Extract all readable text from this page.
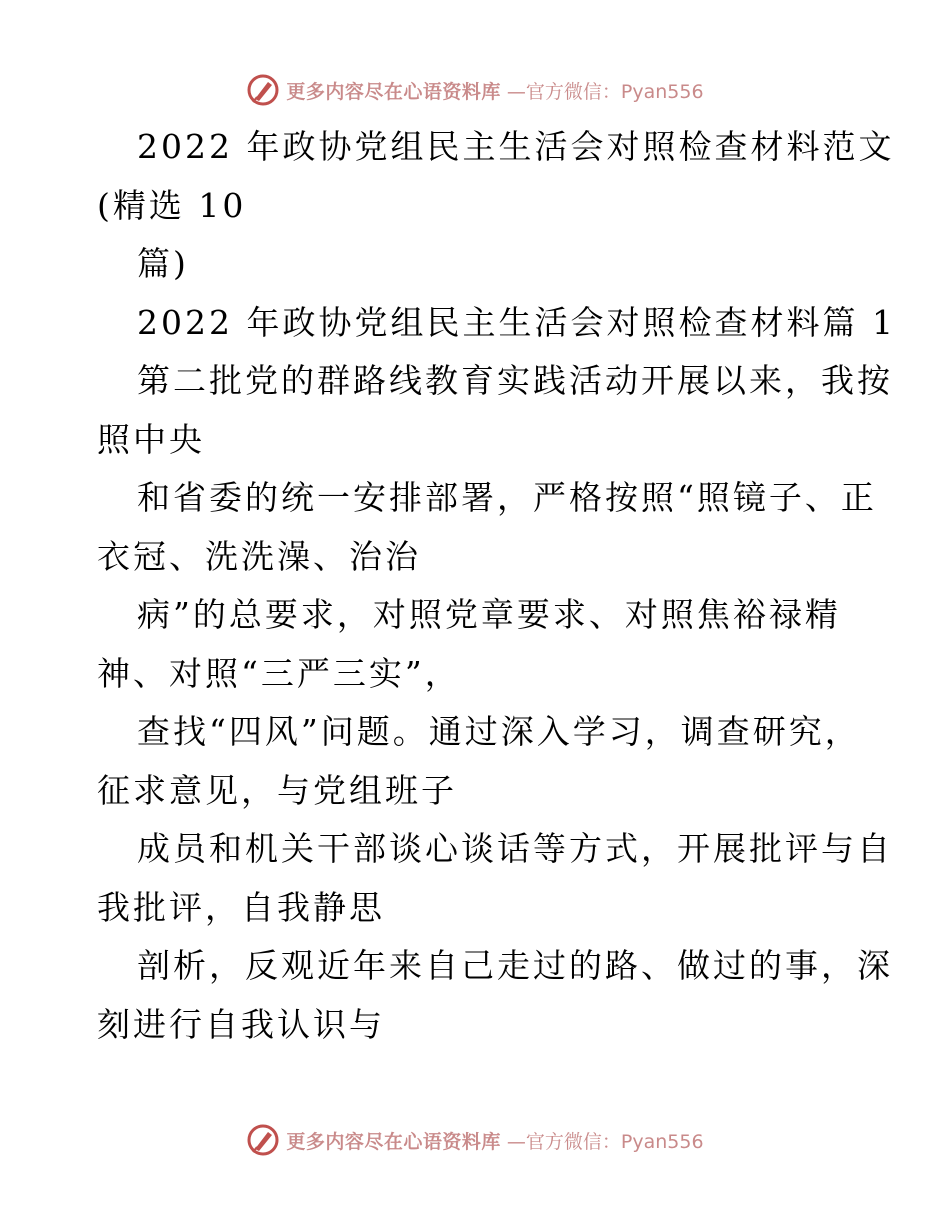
更多内容尽在心语资料库 —官方微信：Pyan556
2022 年政协党组民主生活会对照检查材料范文
(精选 10
篇)
2022 年政协党组民主生活会对照检查材料篇 1
第二批党的群路线教育实践活动开展以来，我按
照中央
和省委的统一安排部署，严格按照“照镜子、正
衣冠、洗洗澡、治治
病”的总要求，对照党章要求、对照焦裕禄精
神、对照“三严三实”，
查找“四风”问题。通过深入学习，调查研究，
征求意见，与党组班子
成员和机关干部谈心谈话等方式，开展批评与自
我批评，自我静思
剖析，反观近年来自己走过的路、做过的事，深
刻进行自我认识与
更多内容尽在心语资料库 —官方微信：Pyan556
